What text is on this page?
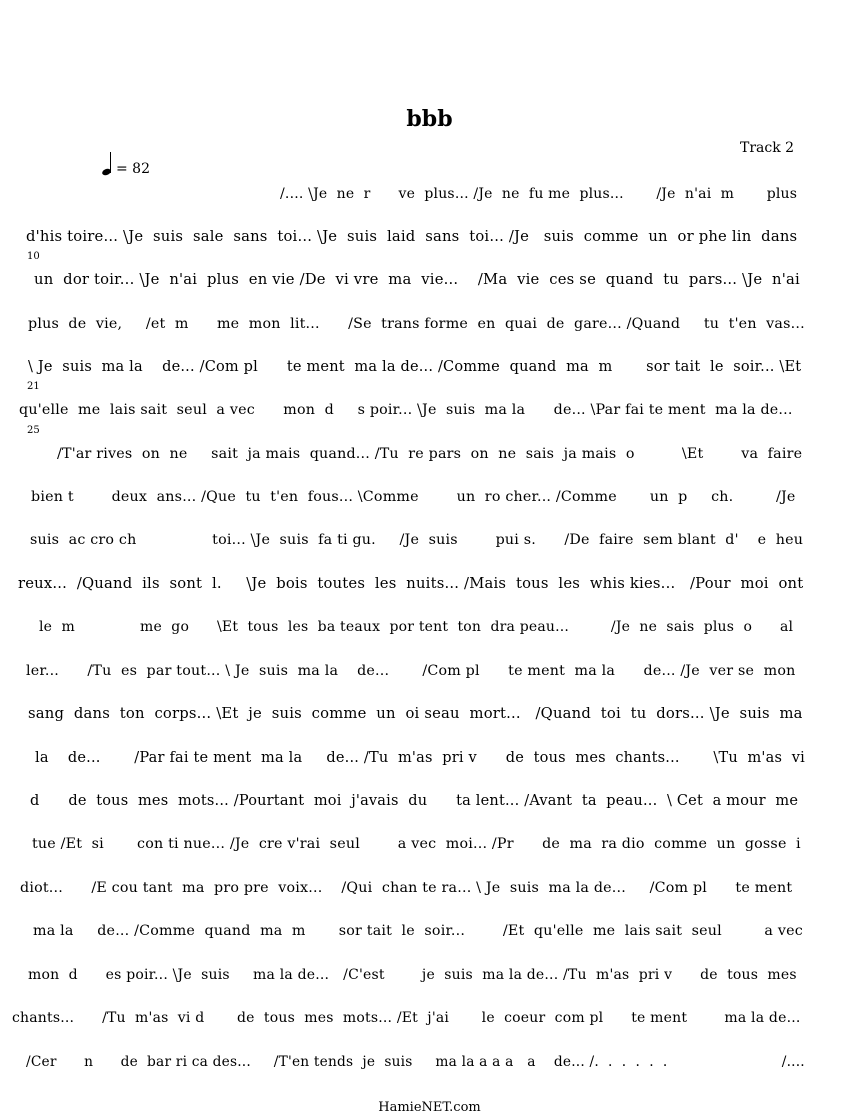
bbb
Track 2
= 82
10
21
25
/.... \Je  ne  r      ve  plus... /Je  ne  fu me  plus...       /Je  n'ai  m       plus
d'his toire... \Je  suis  sale  sans  toi... \Je  suis  laid  sans  toi... /Je   suis  comme  un  or phe lin  dans
un  dor toir... \Je  n'ai  plus  en vie /De  vi vre  ma  vie...    /Ma  vie  ces se  quand  tu  pars... \Je  n'ai
plus  de  vie,     /et  m      me  mon  lit...      /Se  trans forme  en  quai  de  gare... /Quand     tu  t'en  vas...
\ Je  suis  ma la    de... /Com pl      te ment  ma la de... /Comme  quand  ma  m       sor tait  le  soir... \Et
qu'elle  me  lais sait  seul  a vec      mon  d     s poir... \Je  suis  ma la      de... \Par fai te ment  ma la de...
/T'ar rives  on  ne     sait  ja mais  quand... /Tu  re pars  on  ne  sais  ja mais  o          \Et        va  faire
bien t        deux  ans... /Que  tu  t'en  fous... \Comme        un  ro cher... /Comme       un  p     ch.         /Je
suis  ac cro ch                toi... \Je  suis  fa ti gu.     /Je  suis        pui s.      /De  faire  sem blant  d'    e  heu
reux...  /Quand  ils  sont  l.     \Je  bois  toutes  les  nuits... /Mais  tous  les  whis kies...   /Pour  moi  ont
le  m              me  go      \Et  tous  les  ba teaux  por tent  ton  dra peau...         /Je  ne  sais  plus  o      al
ler...      /Tu  es  par tout... \ Je  suis  ma la    de...       /Com pl      te ment  ma la      de... /Je  ver se  mon
sang  dans  ton  corps... \Et  je  suis  comme  un  oi seau  mort...   /Quand  toi  tu  dors... \Je  suis  ma
la    de...       /Par fai te ment  ma la     de... /Tu  m'as  pri v      de  tous  mes  chants...       \Tu  m'as  vi
d      de  tous  mes  mots... /Pourtant  moi  j'avais  du      ta lent... /Avant  ta  peau...  \ Cet  a mour  me
tue /Et  si       con ti nue... /Je  cre v'rai  seul        a vec  moi... /Pr      de  ma  ra dio  comme  un  gosse  i
diot...      /E cou tant  ma  pro pre  voix...    /Qui  chan te ra... \ Je  suis  ma la de...     /Com pl      te ment
ma la     de... /Comme  quand  ma  m       sor tait  le  soir...        /Et  qu'elle  me  lais sait  seul         a vec
mon  d      es poir... \Je  suis     ma la de...   /C'est        je  suis  ma la de... /Tu  m'as  pri v      de  tous  mes
chants...      /Tu  m'as  vi d       de  tous  mes  mots... /Et  j'ai       le  coeur  com pl      te ment        ma la de...
/Cer      n      de  bar ri ca des...     /T'en tends  je  suis     ma la a a a   a    de... /.  .  .  .  .  .                         /....
HamieNET.com
